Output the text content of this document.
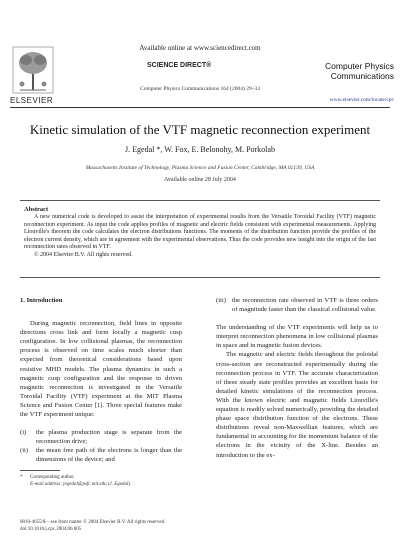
Available online at www.sciencedirect.com
SCIENCE DIRECT®
ELSEVIER
Computer Physics Communications 164 (2004) 29–33
Computer Physics
Communications
www.elsevier.com/locate/cpc
Kinetic simulation of the VTF magnetic reconnection experiment
J. Egedal *, W. Fox, E. Belonohy, M. Porkolab
Massachusetts Institute of Technology, Plasma Science and Fusion Center, Cambridge, MA 02139, USA
Available online 28 July 2004
Abstract
A new numerical code is developed to assist the interpretation of experimental results from the Versatile Toroidal Facility (VTF) magnetic reconnection experiment. As input the code applies profiles of magnetic and electric fields consistent with experimental measurements. Applying Liouville's theorem the code calculates the electron distributions functions. The moments of the distribution function provide the profiles of the electron current density, which are in agreement with the experimental observations. Thus the code provides new insight into the origin of the fast reconnection rates observed in VTF.
© 2004 Elsevier B.V. All rights reserved.
1. Introduction

During magnetic reconnection, field lines in opposite directions cross link and form locally a magnetic cusp configuration. In low collisional plasmas, the reconnection process is observed on time scales much shorter than expected from theoretical considerations based upon resistive MHD models. The plasma dynamics in such a magnetic cusp configuration and the response to driven magnetic reconnection is investigated in the Versatile Toroidal Facility (VTF) experiment at the MIT Plasma Science and Fusion Center [1]. Three special features make the VTF experiment unique:

(i) the plasma production stage is separate from the reconnection drive;
(ii) the mean free path of the electrons is longer than the dimensions of the device; and
(iii) the reconnection rate observed in VTF is three orders of magnitude faster than the classical collisional value.

The understanding of the VTF experiments will help us to interpret reconnection phenomena in low collisional plasmas in space and in magnetic fusion devices.

The magnetic and electric fields throughout the poloidal cross-section are reconstructed experimentally during the reconnection process in VTF. The accurate characterization of these steady state profiles provides an excellent basis for detailed kinetic simulations of the reconnection process. With the known electric and magnetic fields Liouville's equation is readily solved numerically, providing the detailed phase space distribution function of the electrons. These distributions reveal non-Maxwellian features, which are fundamental in accounting for the momentum balance of the electrons in the vicinity of the X-line. Besides an introduction to the ex-

* Corresponding author.
E-mail address: jegedal@psfc.mit.edu (J. Egedal).
0010-4655/$ – see front matter © 2004 Elsevier B.V. All rights reserved.
doi:10.1016/j.cpc.2004.06.005
